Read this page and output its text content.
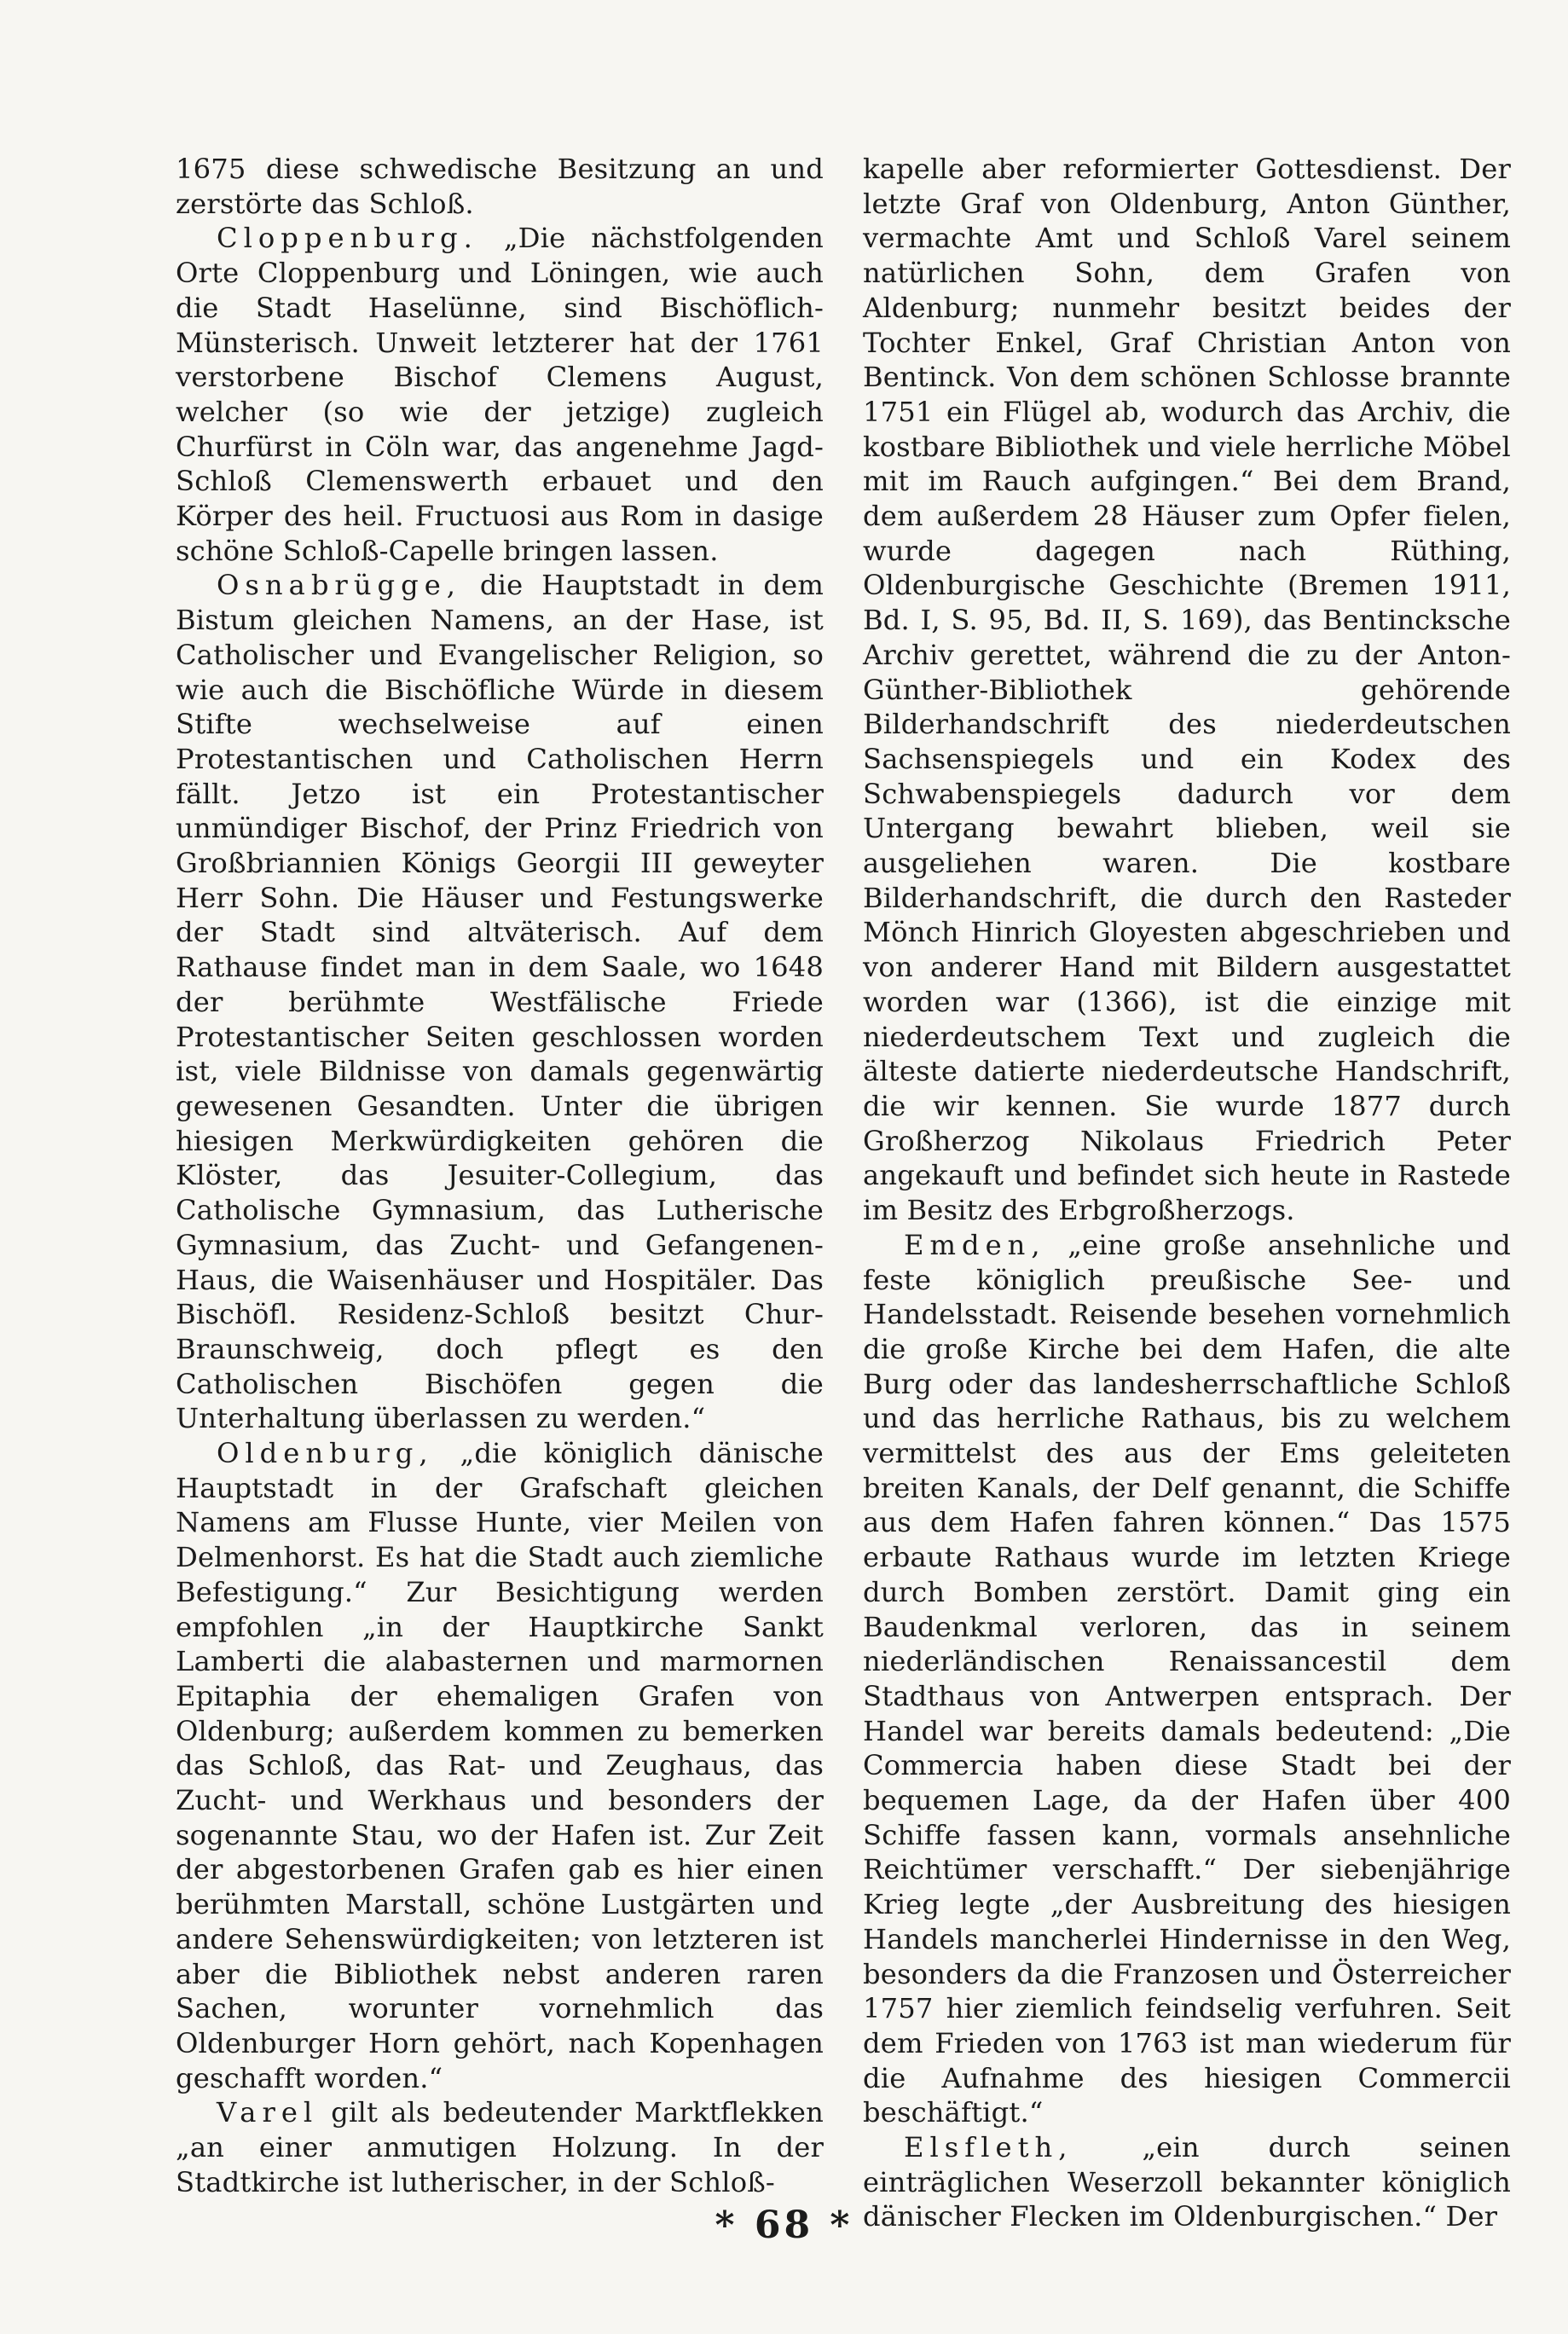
1675 diese schwedische Besitzung an und zerstörte das Schloß.

Cloppenburg. „Die nächstfolgenden Orte Cloppenburg und Löningen, wie auch die Stadt Haselünne, sind Bischöflich-Münsterisch. Unweit letzterer hat der 1761 verstorbene Bischof Clemens August, welcher (so wie der jetzige) zugleich Churfürst in Cöln war, das angenehme Jagd-Schloß Clemenswerth erbauet und den Körper des heil. Fructuosi aus Rom in dasige schöne Schloß-Capelle bringen lassen.

Osnabrügge, die Hauptstadt in dem Bistum gleichen Namens, an der Hase, ist Catholischer und Evangelischer Religion, so wie auch die Bischöfliche Würde in diesem Stifte wechselweise auf einen Protestantischen und Catholischen Herrn fällt. Jetzo ist ein Protestantischer unmündiger Bischof, der Prinz Friedrich von Großbriannien Königs Georgii III geweyter Herr Sohn. Die Häuser und Festungswerke der Stadt sind altväterisch. Auf dem Rathause findet man in dem Saale, wo 1648 der berühmte Westfälische Friede Protestantischer Seiten geschlossen worden ist, viele Bildnisse von damals gegenwärtig gewesenen Gesandten. Unter die übrigen hiesigen Merkwürdigkeiten gehören die Klöster, das Jesuiter-Collegium, das Catholische Gymnasium, das Lutherische Gymnasium, das Zucht- und Gefangenen-Haus, die Waisenhäuser und Hospitäler. Das Bischöfl. Residenz-Schloß besitzt Chur-Braunschweig, doch pflegt es den Catholischen Bischöfen gegen die Unterhaltung überlassen zu werden.“

Oldenburg, „die königlich dänische Hauptstadt in der Grafschaft gleichen Namens am Flusse Hunte, vier Meilen von Delmenhorst. Es hat die Stadt auch ziemliche Befestigung.“ Zur Besichtigung werden empfohlen „in der Hauptkirche Sankt Lamberti die alabasternen und marmornen Epitaphia der ehemaligen Grafen von Oldenburg; außerdem kommen zu bemerken das Schloß, das Rat- und Zeughaus, das Zucht- und Werkhaus und besonders der sogenannte Stau, wo der Hafen ist. Zur Zeit der abgestorbenen Grafen gab es hier einen berühmten Marstall, schöne Lustgärten und andere Sehenswürdigkeiten; von letzteren ist aber die Bibliothek nebst anderen raren Sachen, worunter vornehmlich das Oldenburger Horn gehört, nach Kopenhagen geschafft worden.“

Varel gilt als bedeutender Marktflekken „an einer anmutigen Holzung. In der Stadtkirche ist lutherischer, in der Schloß-

kapelle aber reformierter Gottesdienst. Der letzte Graf von Oldenburg, Anton Günther, vermachte Amt und Schloß Varel seinem natürlichen Sohn, dem Grafen von Aldenburg; nunmehr besitzt beides der Tochter Enkel, Graf Christian Anton von Bentinck. Von dem schönen Schlosse brannte 1751 ein Flügel ab, wodurch das Archiv, die kostbare Bibliothek und viele herrliche Möbel mit im Rauch aufgingen.“ Bei dem Brand, dem außerdem 28 Häuser zum Opfer fielen, wurde dagegen nach Rüthing, Oldenburgische Geschichte (Bremen 1911, Bd. I, S. 95, Bd. II, S. 169), das Bentinckschе Archiv gerettet, während die zu der Anton-Günther-Bibliothek gehörende Bilderhandschrift des niederdeutschen Sachsenspiegels und ein Kodex des Schwabenspiegels dadurch vor dem Untergang bewahrt blieben, weil sie ausgeliehen waren. Die kostbare Bilderhandschrift, die durch den Rasteder Mönch Hinrich Gloyesten abgeschrieben und von anderer Hand mit Bildern ausgestattet worden war (1366), ist die einzige mit niederdeutschem Text und zugleich die älteste datierte niederdeutsche Handschrift, die wir kennen. Sie wurde 1877 durch Großherzog Nikolaus Friedrich Peter angekauft und befindet sich heute in Rastede im Besitz des Erbgroßherzogs.

Emden, „eine große ansehnliche und feste königlich preußische See- und Handelsstadt. Reisende besehen vornehmlich die große Kirche bei dem Hafen, die alte Burg oder das landesherrschaftliche Schloß und das herrliche Rathaus, bis zu welchem vermittelst des aus der Ems geleiteten breiten Kanals, der Delf genannt, die Schiffe aus dem Hafen fahren können.“ Das 1575 erbaute Rathaus wurde im letzten Kriege durch Bomben zerstört. Damit ging ein Baudenkmal verloren, das in seinem niederländischen Renaissancestil dem Stadthaus von Antwerpen entsprach. Der Handel war bereits damals bedeutend: „Die Commercia haben diese Stadt bei der bequemen Lage, da der Hafen über 400 Schiffe fassen kann, vormals ansehnliche Reichtümer verschafft.“ Der siebenjährige Krieg legte „der Ausbreitung des hiesigen Handels mancherlei Hindernisse in den Weg, besonders da die Franzosen und Österreicher 1757 hier ziemlich feindselig verfuhren. Seit dem Frieden von 1763 ist man wiederum für die Aufnahme des hiesigen Commercii beschäftigt.“

Elsfleth, „ein durch seinen einträglichen Weserzoll bekannter königlich dänischer Flecken im Oldenburgischen.“ Der

* 68 *
